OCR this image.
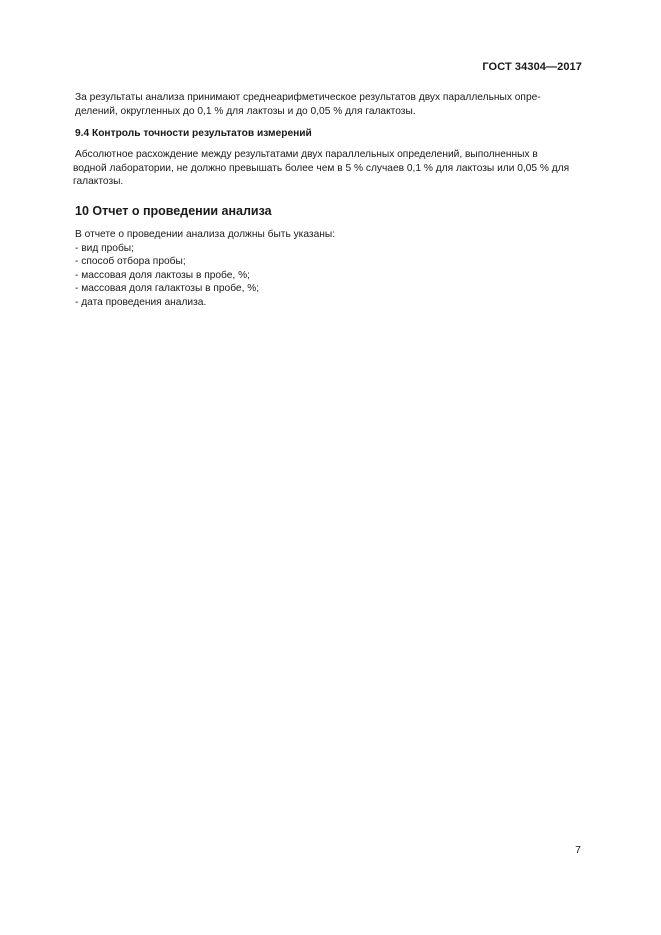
ГОСТ 34304—2017
За результаты анализа принимают среднеарифметическое результатов двух параллельных опре-
делений, округленных до 0,1 % для лактозы и до 0,05 % для галактозы.
9.4 Контроль точности результатов измерений
Абсолютное расхождение между результатами двух параллельных определений, выполненных в
водной лаборатории, не должно превышать более чем в 5 % случаев 0,1 % для лактозы или 0,05 % для
галактозы.
10 Отчет о проведении анализа
В отчете о проведении анализа должны быть указаны:
- вид пробы;
- способ отбора пробы;
- массовая доля лактозы в пробе, %;
- массовая доля галактозы в пробе, %;
- дата проведения анализа.
7
